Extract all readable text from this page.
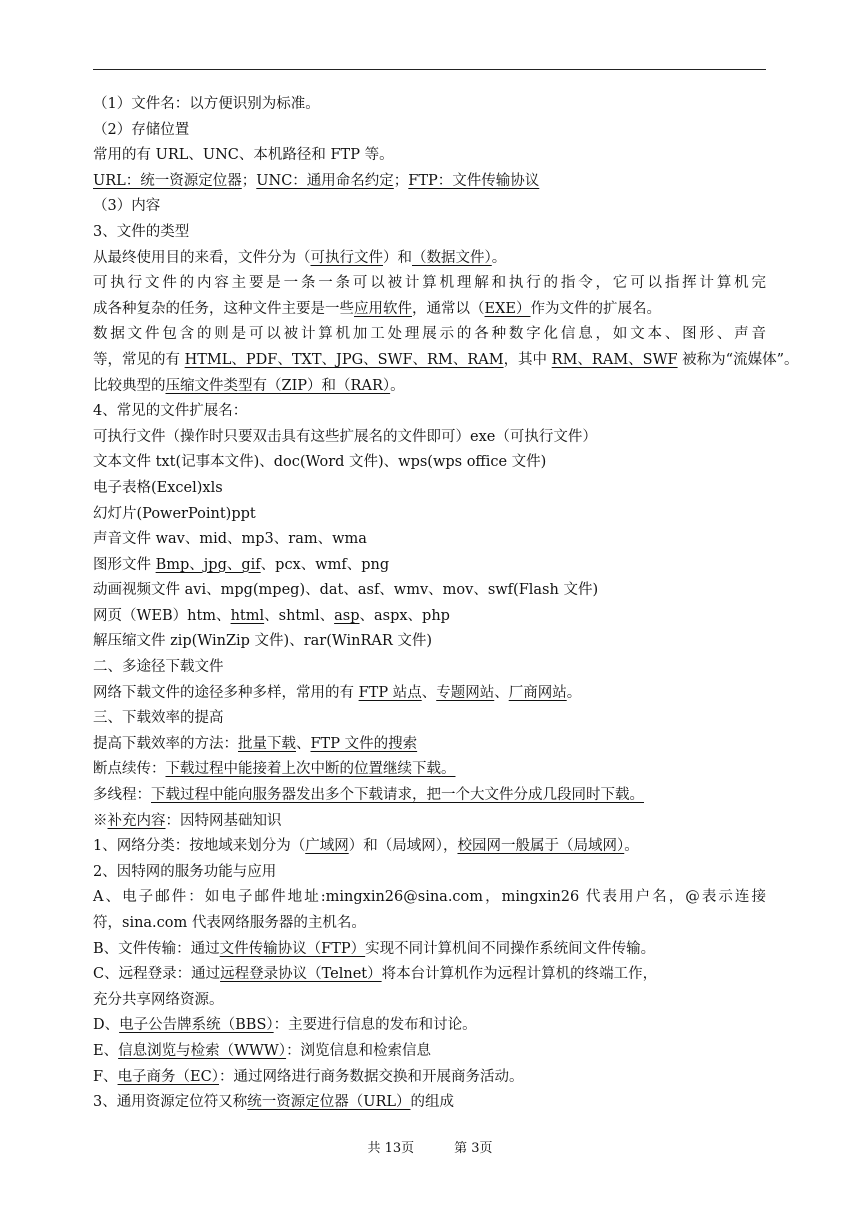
（1）文件名：以方便识别为标准。
（2）存储位置
常用的有 URL、UNC、本机路径和 FTP 等。
URL：统一资源定位器；UNC：通用命名约定；FTP：文件传输协议
（3）内容
3、文件的类型
从最终使用目的来看，文件分为（可执行文件）和（数据文件）。
可执行文件的内容主要是一条一条可以被计算机理解和执行的指令，它可以指挥计算机完
成各种复杂的任务，这种文件主要是一些应用软件，通常以（EXE）作为文件的扩展名。
数据文件包含的则是可以被计算机加工处理展示的各种数字化信息，如文本、图形、声音
等，常见的有 HTML、PDF、TXT、JPG、SWF、RM、RAM，其中 RM、RAM、SWF 被称为“流媒体”。
比较典型的压缩文件类型有（ZIP）和（RAR）。
4、常见的文件扩展名：
可执行文件（操作时只要双击具有这些扩展名的文件即可）exe（可执行文件）
文本文件 txt(记事本文件)、doc(Word 文件)、wps(wps office 文件)
电子表格(Excel)xls
幻灯片(PowerPoint)ppt
声音文件 wav、mid、mp3、ram、wma
图形文件 Bmp、jpg、gif、pcx、wmf、png
动画视频文件 avi、mpg(mpeg)、dat、asf、wmv、mov、swf(Flash 文件)
网页（WEB）htm、html、shtml、asp、aspx、php
解压缩文件 zip(WinZip 文件)、rar(WinRAR 文件)
二、多途径下载文件
网络下载文件的途径多种多样，常用的有 FTP 站点、专题网站、厂商网站。
三、下载效率的提高
提高下载效率的方法：批量下载、FTP 文件的搜索
断点续传：下载过程中能接着上次中断的位置继续下载。
多线程：下载过程中能向服务器发出多个下载请求，把一个大文件分成几段同时下载。
※补充内容：因特网基础知识
1、网络分类：按地域来划分为（广域网）和（局域网），校园网一般属于（局域网）。
2、因特网的服务功能与应用
A、电子邮件：如电子邮件地址:mingxin26@sina.com，mingxin26 代表用户名，@表示连接
符，sina.com 代表网络服务器的主机名。
B、文件传输：通过文件传输协议（FTP）实现不同计算机间不同操作系统间文件传输。
C、远程登录：通过远程登录协议（Telnet）将本台计算机作为远程计算机的终端工作，
充分共享网络资源。
D、电子公告牌系统（BBS）：主要进行信息的发布和讨论。
E、信息浏览与检索（WWW）：浏览信息和检索信息
F、电子商务（EC）：通过网络进行商务数据交换和开展商务活动。
3、通用资源定位符又称统一资源定位器（URL）的组成
共 13页	第 3页
